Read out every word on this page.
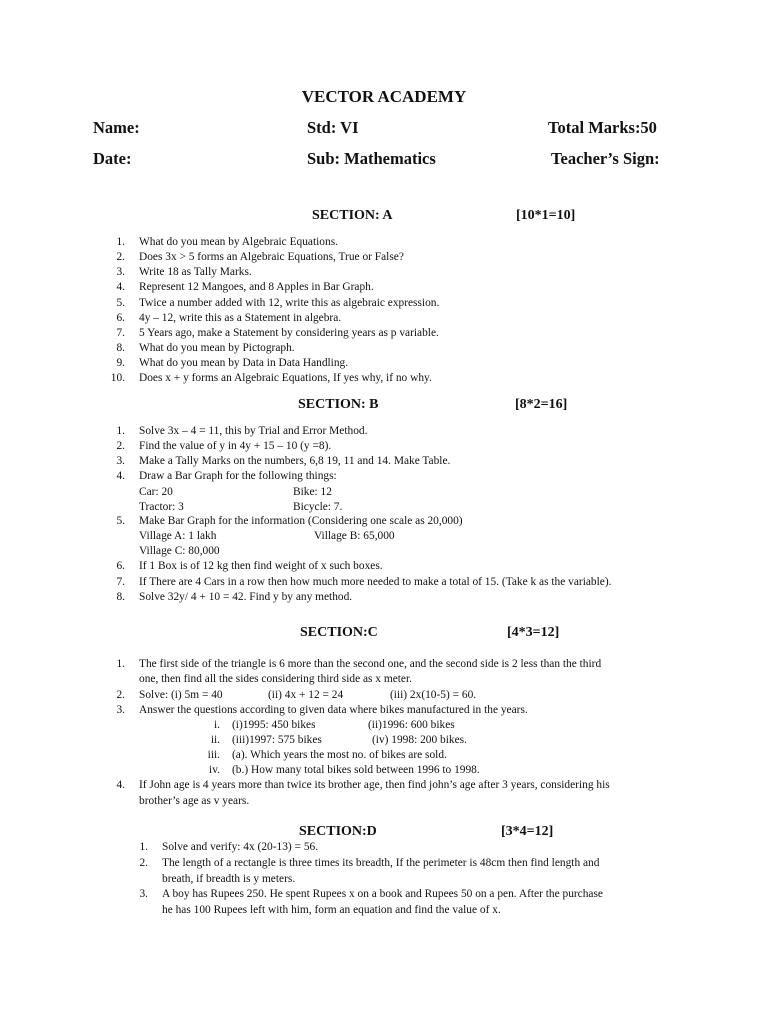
VECTOR ACADEMY
Name:	Std: VI	Total Marks:50
Date:	Sub: Mathematics	Teacher’s Sign:
SECTION: A	[10*1=10]
1. What do you mean by Algebraic Equations.
2. Does 3x > 5 forms an Algebraic Equations, True or False?
3. Write 18 as Tally Marks.
4. Represent 12 Mangoes, and 8 Apples in Bar Graph.
5. Twice a number added with 12, write this as algebraic expression.
6. 4y – 12, write this as a Statement in algebra.
7. 5 Years ago, make a Statement by considering years as p variable.
8. What do you mean by Pictograph.
9. What do you mean by Data in Data Handling.
10. Does x + y forms an Algebraic Equations, If yes why, if no why.
SECTION: B	[8*2=16]
1. Solve 3x – 4 = 11, this by Trial and Error Method.
2. Find the value of y in 4y + 15 – 10 (y =8).
3. Make a Tally Marks on the numbers, 6,8 19, 11 and 14. Make Table.
4. Draw a Bar Graph for the following things:
Car: 20	Bike: 12
Tractor: 3	Bicycle: 7.
5. Make Bar Graph for the information (Considering one scale as 20,000)
Village A: 1 lakh	Village B: 65,000
Village C: 80,000
6. If 1 Box is of 12 kg then find weight of x such boxes.
7. If There are 4 Cars in a row then how much more needed to make a total of 15. (Take k as the variable).
8. Solve 32y/ 4 + 10 = 42. Find y by any method.
SECTION:C	[4*3=12]
1. The first side of the triangle is 6 more than the second one, and the second side is 2 less than the third
one, then find all the sides considering third side as x meter.
2. Solve: (i) 5m = 40	(ii) 4x + 12 = 24	(iii) 2x(10-5) = 60.
3. Answer the questions according to given data where bikes manufactured in the years.
i. (i)1995: 450 bikes	(ii)1996: 600 bikes
ii. (iii)1997: 575 bikes	(iv) 1998: 200 bikes.
iii. (a). Which years the most no. of bikes are sold.
iv. (b.) How many total bikes sold between 1996 to 1998.
4. If John age is 4 years more than twice its brother age, then find john’s age after 3 years, considering his
brother’s age as v years.
SECTION:D	[3*4=12]
1. Solve and verify: 4x (20-13) = 56.
2. The length of a rectangle is three times its breadth, If the perimeter is 48cm then find length and
breath, if breadth is y meters.
3. A boy has Rupees 250. He spent Rupees x on a book and Rupees 50 on a pen. After the purchase
he has 100 Rupees left with him, form an equation and find the value of x.
